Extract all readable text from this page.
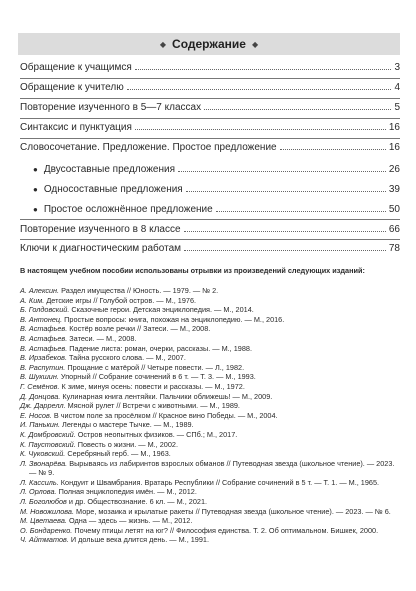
◆ Содержание ◆
Обращение к учащимся	3
Обращение к учителю	4
Повторение изученного в 5—7 классах	5
Синтаксис и пунктуация	16
Словосочетание. Предложение. Простое предложение	16
● Двусоставные предложения	26
● Односоставные предложения	39
● Простое осложнённое предложение	50
Повторение изученного в 8 классе	66
Ключи к диагностическим работам	78
В настоящем учебном пособии использованы отрывки из произведений следующих изданий:

А. Алексин. Раздел имущества // Юность. — 1979. — № 2.

А. Ким. Детские игры // Голубой остров. — М., 1976.

Б. Голдовский. Сказочные герои. Детская энциклопедия. — М., 2014.

В. Антонец. Простые вопросы: книга, похожая на энциклопедию. — М., 2016.

В. Астафьев. Костёр возле речки // Затеси. — М., 2008.

В. Астафьев. Затеси. — М., 2008.

В. Астафьев. Падение листа: роман, очерки, рассказы. — М., 1988.

В. Ирзабеков. Тайна русского слова. — М., 2007.

В. Распутин. Прощание с матёрой // Четыре повести. — Л., 1982.

В. Шукшин. Упорный // Собрание сочинений в 6 т. — Т. 3. — М., 1993.

Г. Семёнов. К зиме, минуя осень: повести и рассказы. — М., 1972.

Д. Донцова. Кулинарная книга лентяйки. Пальчики оближешь! — М., 2009.

Дж. Даррелл. Мясной рулет // Встречи с животными. — М., 1989.

Е. Носов. В чистом поле за просёлком // Красное вино Победы. — М., 2004.

И. Панькин. Легенды о мастере Тычке. — М., 1989.

К. Домбровский. Остров неопытных физиков. — СПб.; М., 2017.

К. Паустовский. Повесть о жизни. — М., 2002.

К. Чуковский. Серебряный герб. — М., 1963.

Л. Звонарёва. Вырываясь из лабиринтов взрослых обманов // Путеводная звезда (школьное чтение). — 2023. — № 9.

Л. Кассиль. Кондуит и Швамбрания. Вратарь Республики // Собрание сочинений в 5 т. — Т. 1. — М., 1965.

Л. Орлова. Полная энциклопедия имён. — М., 2012.

Л. Боголюбов и др. Обществознание. 6 кл. — М., 2021.

М. Новожилова. Море, мозаика и крылатые ракеты // Путеводная звезда (школьное чтение). — 2023. — № 6.

М. Цветаева. Одна — здесь — жизнь. — М., 2012.

О. Бондаренко. Почему птицы летят на юг? // Философия единства. Т. 2. Об оптимальном. Бишкек, 2000.

Ч. Айтматов. И дольше века длится день. — М., 1991.
